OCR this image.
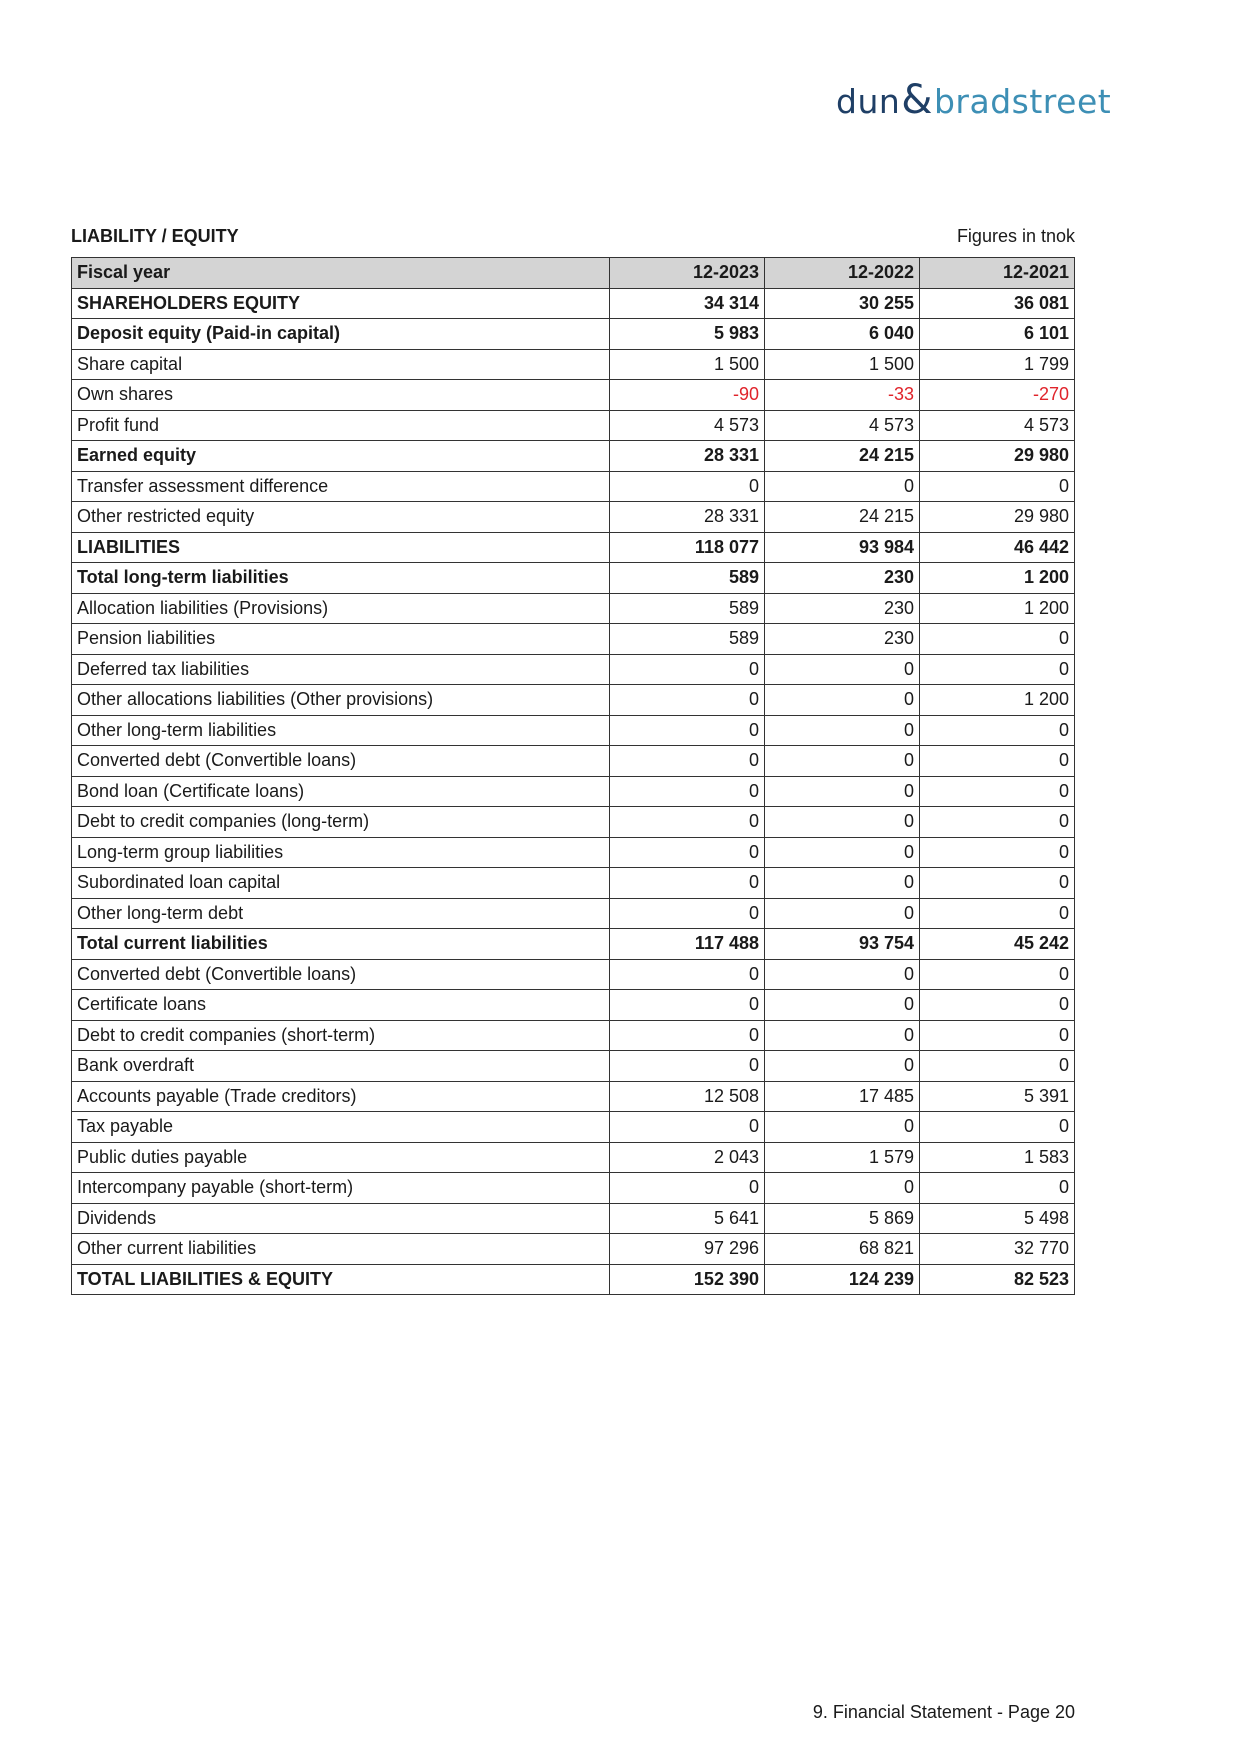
dun & bradstreet
LIABILITY / EQUITY	Figures in tnok
Fiscal year	12-2023	12-2022	12-2021
SHAREHOLDERS EQUITY	34 314	30 255	36 081
Deposit equity (Paid-in capital)	5 983	6 040	6 101
Share capital	1 500	1 500	1 799
Own shares	-90	-33	-270
Profit fund	4 573	4 573	4 573
Earned equity	28 331	24 215	29 980
Transfer assessment difference	0	0	0
Other restricted equity	28 331	24 215	29 980
LIABILITIES	118 077	93 984	46 442
Total long-term liabilities	589	230	1 200
Allocation liabilities (Provisions)	589	230	1 200
Pension liabilities	589	230	0
Deferred tax liabilities	0	0	0
Other allocations liabilities (Other provisions)	0	0	1 200
Other long-term liabilities	0	0	0
Converted debt (Convertible loans)	0	0	0
Bond loan (Certificate loans)	0	0	0
Debt to credit companies (long-term)	0	0	0
Long-term group liabilities	0	0	0
Subordinated loan capital	0	0	0
Other long-term debt	0	0	0
Total current liabilities	117 488	93 754	45 242
Converted debt (Convertible loans)	0	0	0
Certificate loans	0	0	0
Debt to credit companies (short-term)	0	0	0
Bank overdraft	0	0	0
Accounts payable (Trade creditors)	12 508	17 485	5 391
Tax payable	0	0	0
Public duties payable	2 043	1 579	1 583
Intercompany payable (short-term)	0	0	0
Dividends	5 641	5 869	5 498
Other current liabilities	97 296	68 821	32 770
TOTAL LIABILITIES & EQUITY	152 390	124 239	82 523
9. Financial Statement - Page 20
